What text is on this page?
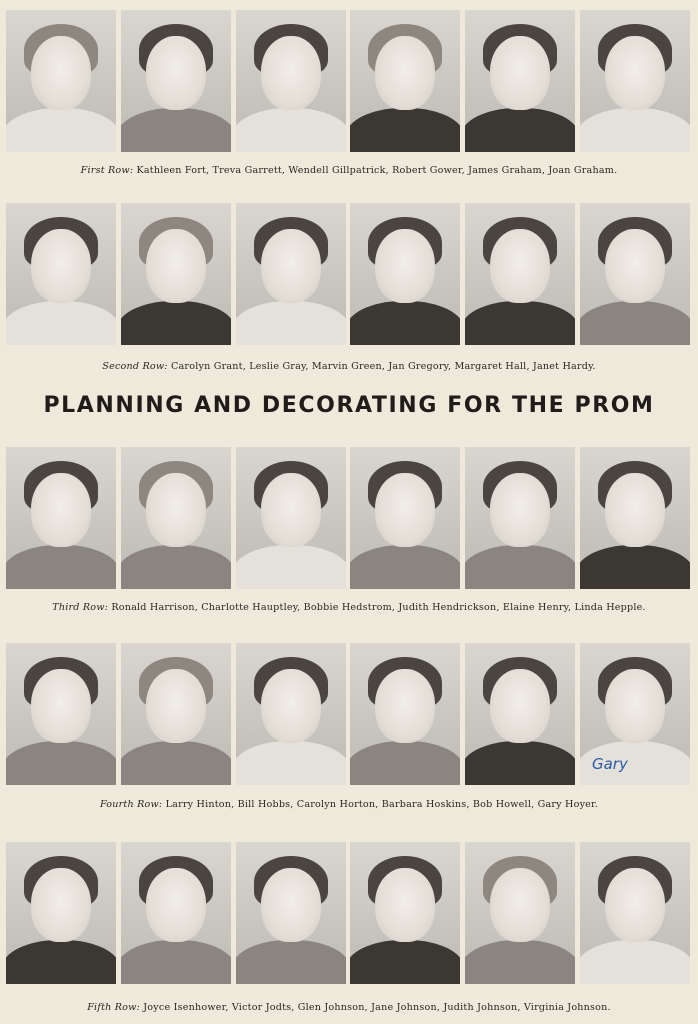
First Row: Kathleen Fort, Treva Garrett, Wendell Gillpatrick, Robert Gower, James Graham, Joan Graham.
Second Row: Carolyn Grant, Leslie Gray, Marvin Green, Jan Gregory, Margaret Hall, Janet Hardy.
PLANNING AND DECORATING FOR THE PROM
Third Row: Ronald Harrison, Charlotte Hauptley, Bobbie Hedstrom, Judith Hendrickson, Elaine Henry, Linda Hepple.
Gary
Fourth Row: Larry Hinton, Bill Hobbs, Carolyn Horton, Barbara Hoskins, Bob Howell, Gary Hoyer.
Fifth Row: Joyce Isenhower, Victor Jodts, Glen Johnson, Jane Johnson, Judith Johnson, Virginia Johnson.
